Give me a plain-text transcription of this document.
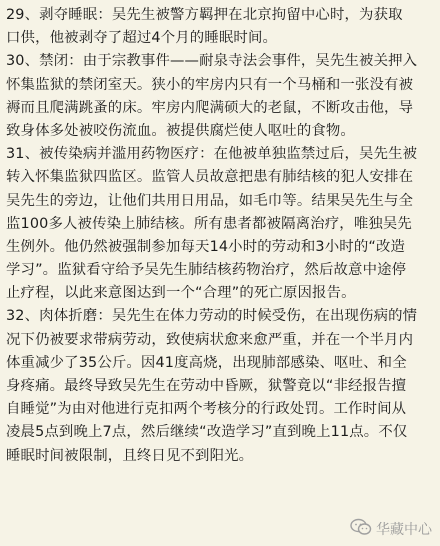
29、剥夺睡眠：吴先生被警方羁押在北京拘留中心时，为获取
口供，他被剥夺了超过4个月的睡眠时间。
30、禁闭：由于宗教事件——耐泉寺法会事件，吴先生被关押入
怀集监狱的禁闭室天。狭小的牢房内只有一个马桶和一张没有被
褥而且爬满跳蚤的床。牢房内爬满硕大的老鼠，不断攻击他，导
致身体多处被咬伤流血。被提供腐烂使人呕吐的食物。
31、被传染病并滥用药物医疗：在他被单独监禁过后，吴先生被
转入怀集监狱四监区。监管人员故意把患有肺结核的犯人安排在
吴先生的旁边，让他们共用日用品，如毛巾等。结果吴先生与全
监100多人被传染上肺结核。所有患者都被隔离治疗，唯独吴先
生例外。他仍然被强制参加每天14小时的劳动和3小时的“改造
学习”。监狱看守给予吴先生肺结核药物治疗，然后故意中途停
止疗程，以此来意图达到一个“合理”的死亡原因报告。
32、肉体折磨：吴先生在体力劳动的时候受伤，在出现伤病的情
况下仍被要求带病劳动，致使病状愈来愈严重，并在一个半月内
体重减少了35公斤。因41度高烧，出现肺部感染、呕吐、和全
身疼痛。最终导致吴先生在劳动中昏厥，狱警竟以“非经报告擅
自睡觉”为由对他进行克扣两个考核分的行政处罚。工作时间从
凌晨5点到晚上7点，然后继续“改造学习”直到晚上11点。不仅
睡眠时间被限制，且终日见不到阳光。
华藏中心
